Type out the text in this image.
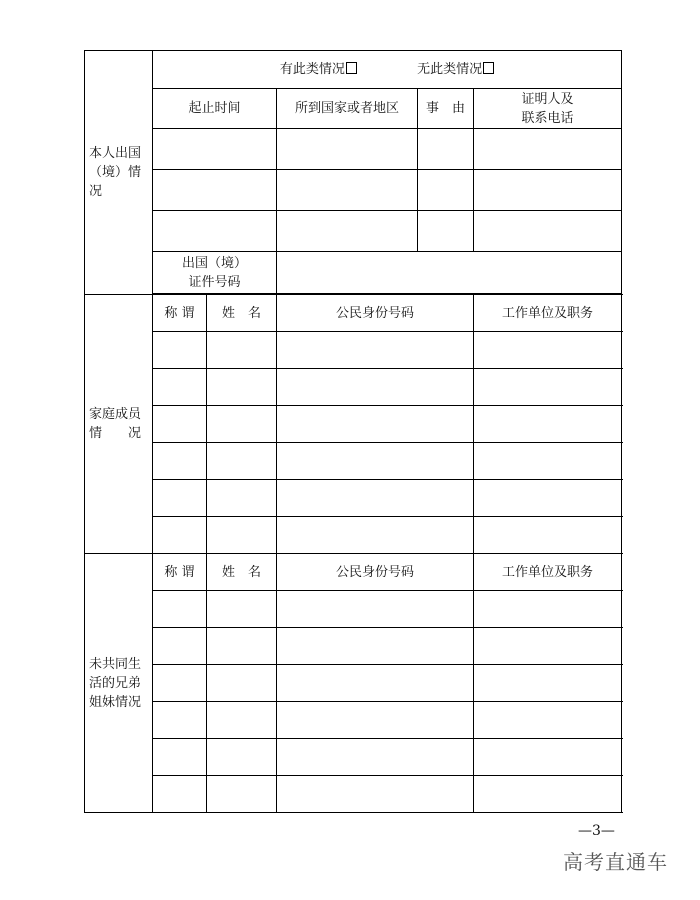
本人出国
（境）情况	有此类情况 无此类情况				
	起止时间		所到国家或者地区	事　由	证明人及
联系电话

	出国（境）
证件号码				

家庭成员
情　　况	称 谓	姓　名	公民身份号码		工作单位及职务

未共同生
活的兄弟
姐妹情况	称 谓	姓　名	公民身份号码		工作单位及职务

—3—
高考直通车
